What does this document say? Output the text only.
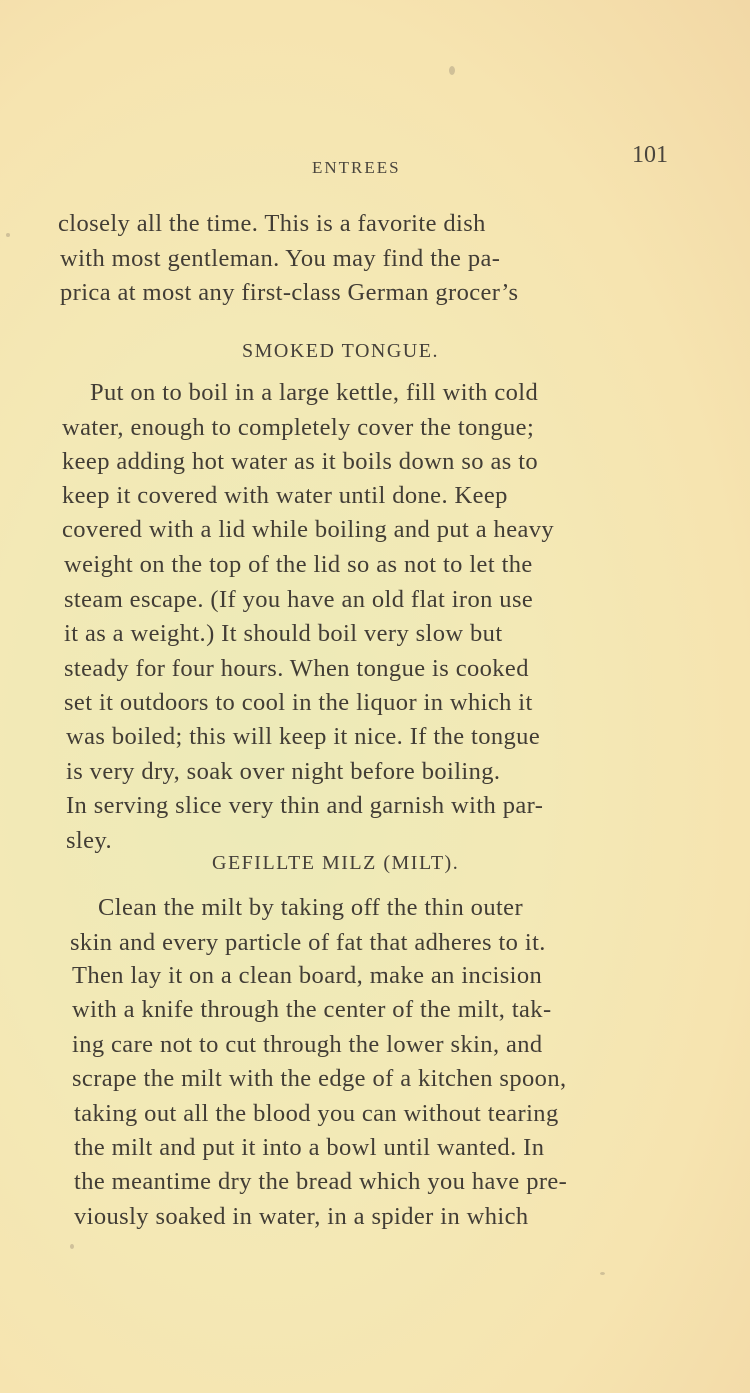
ENTREES	101
closely all the time. This is a favorite dish
with most gentleman. You may find the pa-
prica at most any first-class German grocer’s
SMOKED TONGUE.
Put on to boil in a large kettle, fill with cold
water, enough to completely cover the tongue;
keep adding hot water as it boils down so as to
keep it covered with water until done. Keep
covered with a lid while boiling and put a heavy
weight on the top of the lid so as not to let the
steam escape. (If you have an old flat iron use
it as a weight.) It should boil very slow but
steady for four hours. When tongue is cooked
set it outdoors to cool in the liquor in which it
was boiled; this will keep it nice. If the tongue
is very dry, soak over night before boiling.
In serving slice very thin and garnish with par-
sley.
GEFILLTE MILZ (MILT).
Clean the milt by taking off the thin outer
skin and every particle of fat that adheres to it.
Then lay it on a clean board, make an incision
with a knife through the center of the milt, tak-
ing care not to cut through the lower skin, and
scrape the milt with the edge of a kitchen spoon,
taking out all the blood you can without tearing
the milt and put it into a bowl until wanted. In
the meantime dry the bread which you have pre-
viously soaked in water, in a spider in which
